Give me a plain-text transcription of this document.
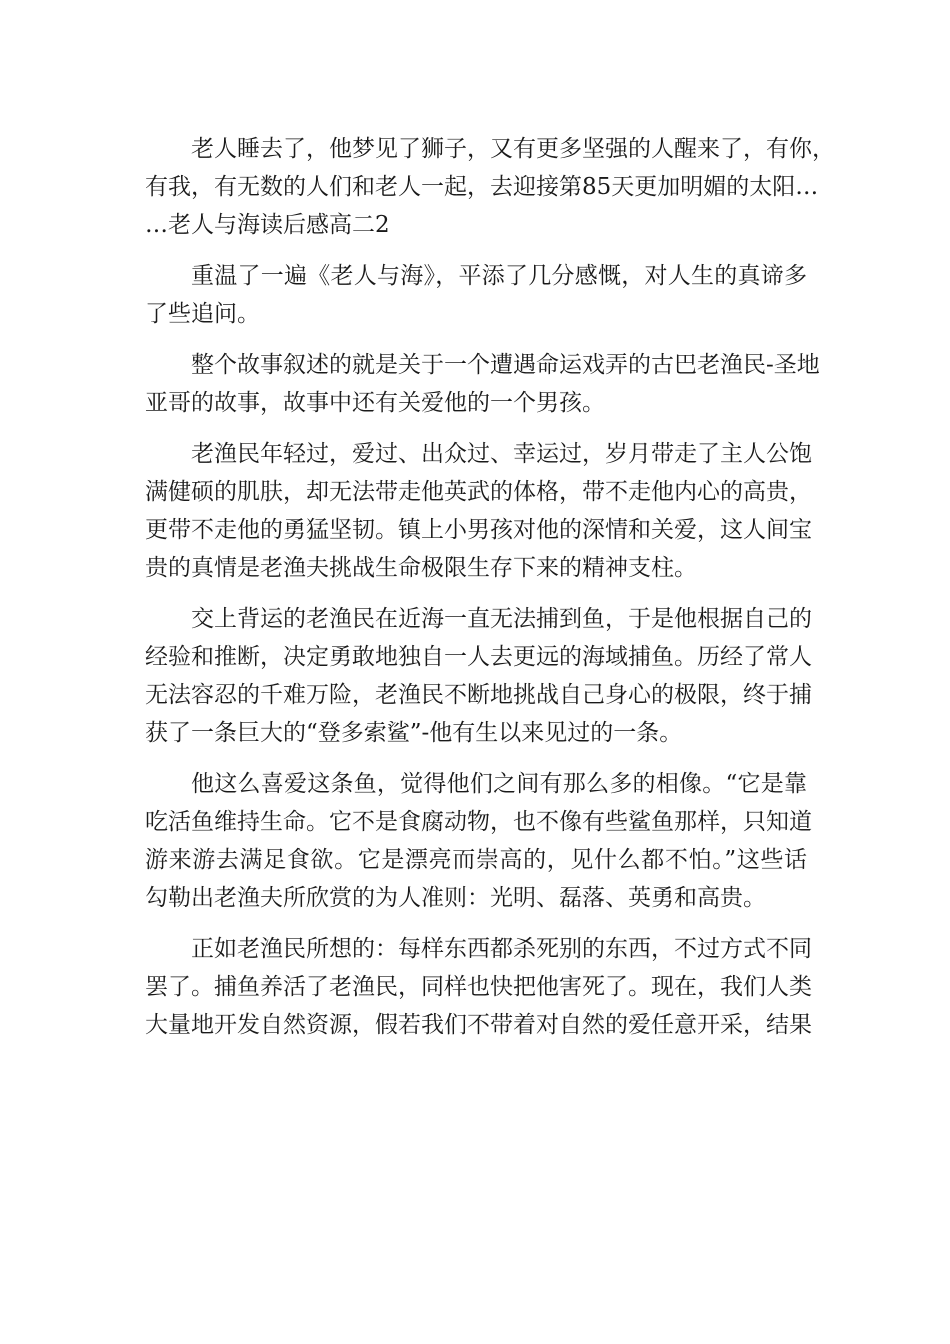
老人睡去了，他梦见了狮子，又有更多坚强的人醒来了，有你，
有我，有无数的人们和老人一起，去迎接第85天更加明媚的太阳…
…老人与海读后感高二2
重温了一遍《老人与海》，平添了几分感慨，对人生的真谛多
了些追问。
整个故事叙述的就是关于一个遭遇命运戏弄的古巴老渔民-圣地
亚哥的故事，故事中还有关爱他的一个男孩。
老渔民年轻过，爱过、出众过、幸运过，岁月带走了主人公饱
满健硕的肌肤，却无法带走他英武的体格，带不走他内心的高贵，
更带不走他的勇猛坚韧。镇上小男孩对他的深情和关爱，这人间宝
贵的真情是老渔夫挑战生命极限生存下来的精神支柱。
交上背运的老渔民在近海一直无法捕到鱼，于是他根据自己的
经验和推断，决定勇敢地独自一人去更远的海域捕鱼。历经了常人
无法容忍的千难万险，老渔民不断地挑战自己身心的极限，终于捕
获了一条巨大的“登多索鲨”-他有生以来见过的一条。
他这么喜爱这条鱼，觉得他们之间有那么多的相像。“它是靠
吃活鱼维持生命。它不是食腐动物，也不像有些鲨鱼那样，只知道
游来游去满足食欲。它是漂亮而崇高的，见什么都不怕。”这些话
勾勒出老渔夫所欣赏的为人准则：光明、磊落、英勇和高贵。
正如老渔民所想的：每样东西都杀死别的东西，不过方式不同
罢了。捕鱼养活了老渔民，同样也快把他害死了。现在，我们人类
大量地开发自然资源，假若我们不带着对自然的爱任意开采，结果
